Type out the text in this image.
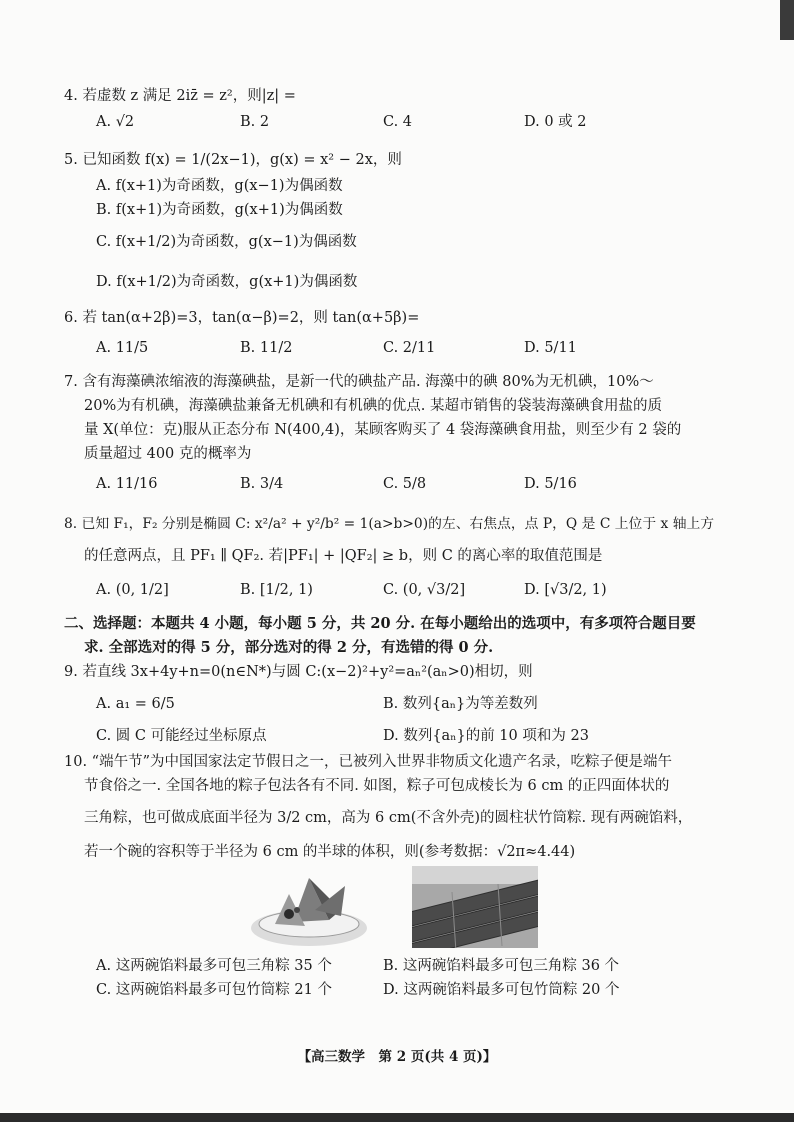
4. 若虚数 z 满足 2iz̄ = z²，则|z| =
A. √2	B. 2	C. 4	D. 0 或 2
5. 已知函数 f(x) = 1/(2x−1)，g(x) = x² − 2x，则
A. f(x+1)为奇函数，g(x−1)为偶函数
B. f(x+1)为奇函数，g(x+1)为偶函数
C. f(x+1/2)为奇函数，g(x−1)为偶函数
D. f(x+1/2)为奇函数，g(x+1)为偶函数
6. 若 tan(α+2β)=3，tan(α−β)=2，则 tan(α+5β)=
A. 11/5	B. 11/2	C. 2/11	D. 5/11
7. 含有海藻碘浓缩液的海藻碘盐，是新一代的碘盐产品. 海藻中的碘 80%为无机碘，10%～
20%为有机碘，海藻碘盐兼备无机碘和有机碘的优点. 某超市销售的袋装海藻碘食用盐的质
量 X(单位：克)服从正态分布 N(400,4)，某顾客购买了 4 袋海藻碘食用盐，则至少有 2 袋的
质量超过 400 克的概率为
A. 11/16	B. 3/4	C. 5/8	D. 5/16
8. 已知 F₁，F₂ 分别是椭圆 C: x²/a² + y²/b² = 1(a>b>0)的左、右焦点，点 P，Q 是 C 上位于 x 轴上方
的任意两点，且 PF₁ ∥ QF₂. 若|PF₁| + |QF₂| ≥ b，则 C 的离心率的取值范围是
A. (0, 1/2]	B. [1/2, 1)	C. (0, √3/2]	D. [√3/2, 1)
二、选择题：本题共 4 小题，每小题 5 分，共 20 分. 在每小题给出的选项中，有多项符合题目要
求. 全部选对的得 5 分，部分选对的得 2 分，有选错的得 0 分.
9. 若直线 3x+4y+n=0(n∈N*)与圆 C:(x−2)²+y²=aₙ²(aₙ>0)相切，则
A. a₁ = 6/5	B. 数列{aₙ}为等差数列
C. 圆 C 可能经过坐标原点	D. 数列{aₙ}的前 10 项和为 23
10. “端午节”为中国国家法定节假日之一，已被列入世界非物质文化遗产名录，吃粽子便是端午
节食俗之一. 全国各地的粽子包法各有不同. 如图，粽子可包成棱长为 6 cm 的正四面体状的
三角粽，也可做成底面半径为 3/2 cm，高为 6 cm(不含外壳)的圆柱状竹筒粽. 现有两碗馅料，
若一个碗的容积等于半径为 6 cm 的半球的体积，则(参考数据：√2π≈4.44)
A. 这两碗馅料最多可包三角粽 35 个	B. 这两碗馅料最多可包三角粽 36 个
C. 这两碗馅料最多可包竹筒粽 21 个	D. 这两碗馅料最多可包竹筒粽 20 个
【高三数学　第 2 页(共 4 页)】
